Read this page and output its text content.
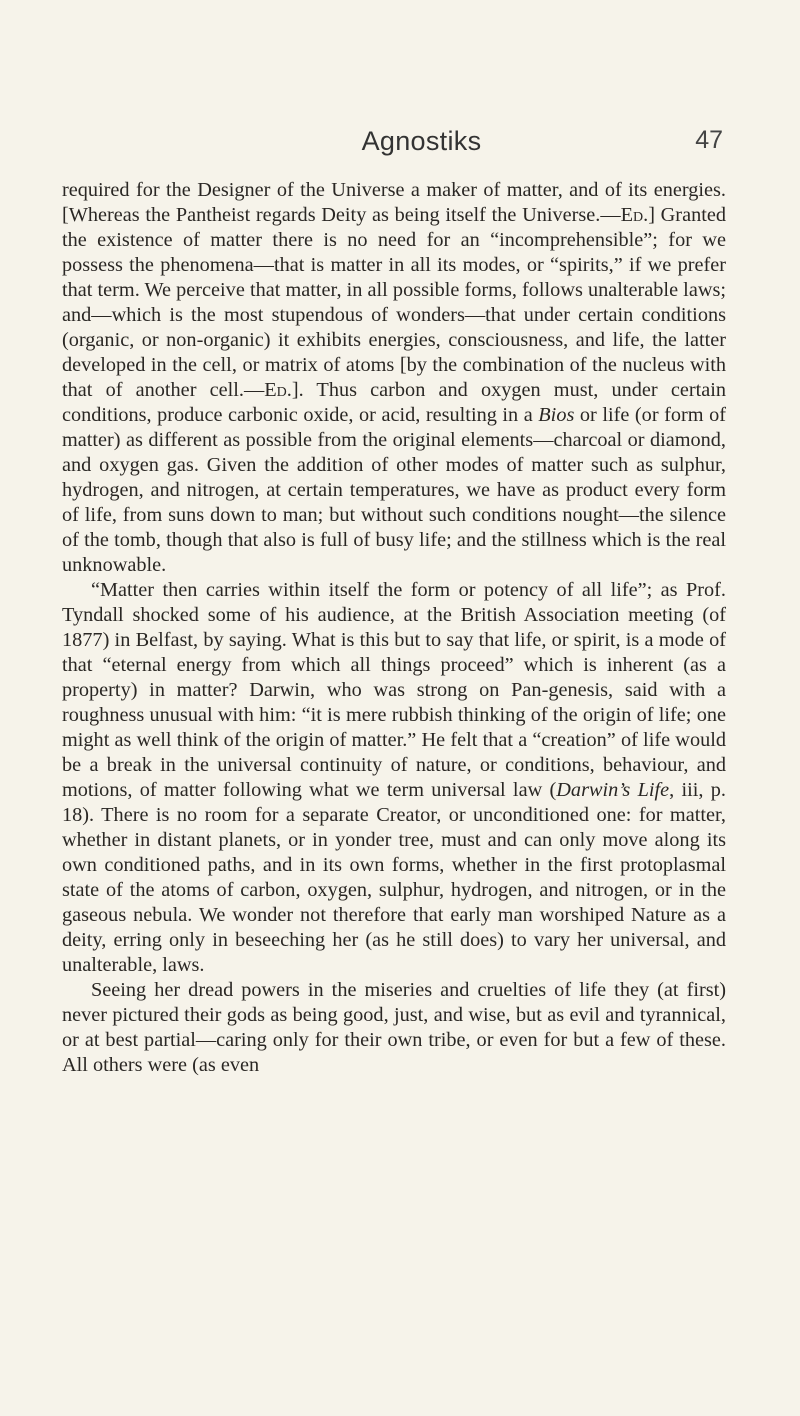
Agnostiks	47

required for the Designer of the Universe a maker of matter, and of its energies. [Whereas the Pantheist regards Deity as being itself the Universe.—Ed.] Granted the existence of matter there is no need for an “incomprehensible”; for we possess the phenomena—that is matter in all its modes, or “spirits,” if we prefer that term. We perceive that matter, in all possible forms, follows unalterable laws; and—which is the most stupendous of wonders—that under certain conditions (organic, or non-organic) it exhibits energies, consciousness, and life, the latter developed in the cell, or matrix of atoms [by the combination of the nucleus with that of another cell.—Ed.]. Thus carbon and oxygen must, under certain conditions, produce carbonic oxide, or acid, resulting in a Bios or life (or form of matter) as different as possible from the original elements—charcoal or diamond, and oxygen gas. Given the addition of other modes of matter such as sulphur, hydrogen, and nitrogen, at certain temperatures, we have as product every form of life, from suns down to man; but without such conditions nought—the silence of the tomb, though that also is full of busy life; and the stillness which is the real unknowable.

“Matter then carries within itself the form or potency of all life”; as Prof. Tyndall shocked some of his audience, at the British Association meeting (of 1877) in Belfast, by saying. What is this but to say that life, or spirit, is a mode of that “eternal energy from which all things proceed” which is inherent (as a property) in matter? Darwin, who was strong on Pan-genesis, said with a roughness unusual with him: “it is mere rubbish thinking of the origin of life; one might as well think of the origin of matter.” He felt that a “creation” of life would be a break in the universal continuity of nature, or conditions, behaviour, and motions, of matter following what we term universal law (Darwin’s Life, iii, p. 18). There is no room for a separate Creator, or unconditioned one: for matter, whether in distant planets, or in yonder tree, must and can only move along its own conditioned paths, and in its own forms, whether in the first protoplasmal state of the atoms of carbon, oxygen, sulphur, hydrogen, and nitrogen, or in the gaseous nebula. We wonder not therefore that early man worshiped Nature as a deity, erring only in beseeching her (as he still does) to vary her universal, and unalterable, laws.

Seeing her dread powers in the miseries and cruelties of life they (at first) never pictured their gods as being good, just, and wise, but as evil and tyrannical, or at best partial—caring only for their own tribe, or even for but a few of these. All others were (as even
